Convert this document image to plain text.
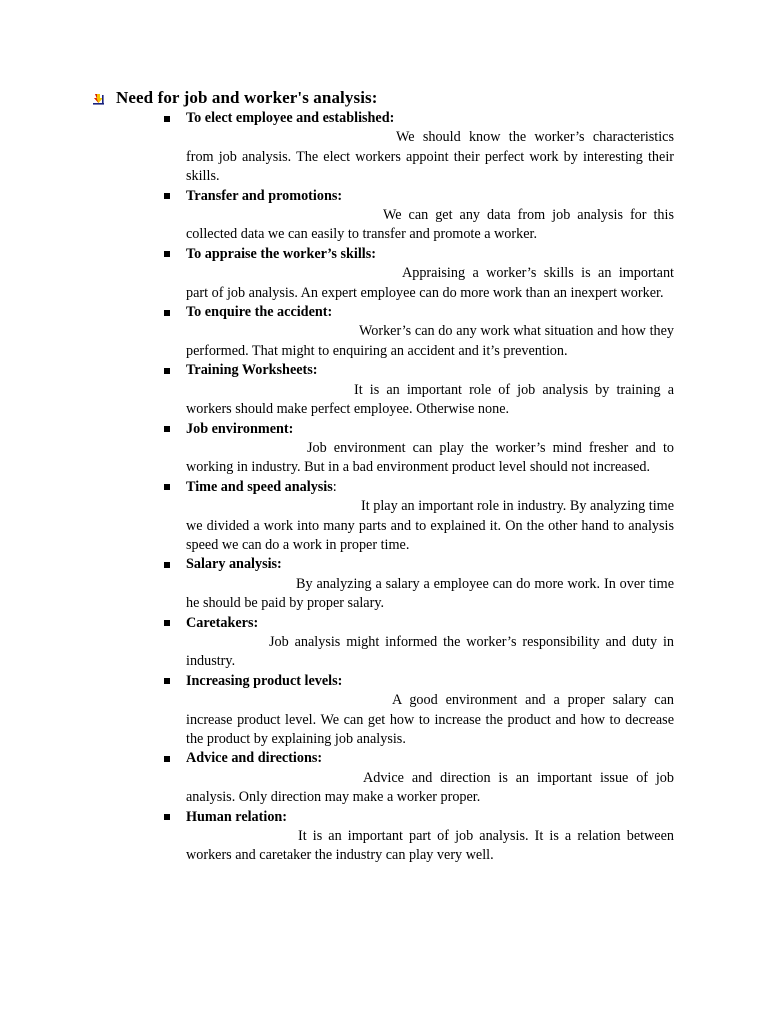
Need for job and worker's analysis:
To elect employee and established:
We should know the worker’s characteristics from job analysis. The elect workers appoint their perfect work by interesting their skills.
Transfer and promotions:
We can get any data from job analysis for this collected data we can easily to transfer and promote a worker.
To appraise the worker’s skills:
Appraising a worker’s skills is an important part of job analysis. An expert employee can do more work than an inexpert worker.
To enquire the accident:
Worker’s can do any work what situation and how they performed. That might to enquiring an accident and it’s prevention.
Training Worksheets:
It is an important role of job analysis by training a workers should make perfect employee. Otherwise none.
Job environment:
Job environment can play the worker’s mind fresher and to working in industry. But in a bad environment product level should not increased.
Time and speed analysis:
It play an important role in industry. By analyzing time we divided a work into many parts and to explained it. On the other hand to analysis speed we can do a work in proper time.
Salary analysis:
By analyzing a salary a employee can do more work. In over time he should be paid by proper salary.
Caretakers:
Job analysis might informed the worker’s responsibility and duty in industry.
Increasing product levels:
A good environment and a proper salary can increase product level. We can get how to increase the product and how to decrease the product by explaining job analysis.
Advice and directions:
Advice and direction is an important issue of job analysis. Only direction may make a worker proper.
Human relation:
It is an important part of job analysis. It is a relation between workers and caretaker the industry can play very well.
